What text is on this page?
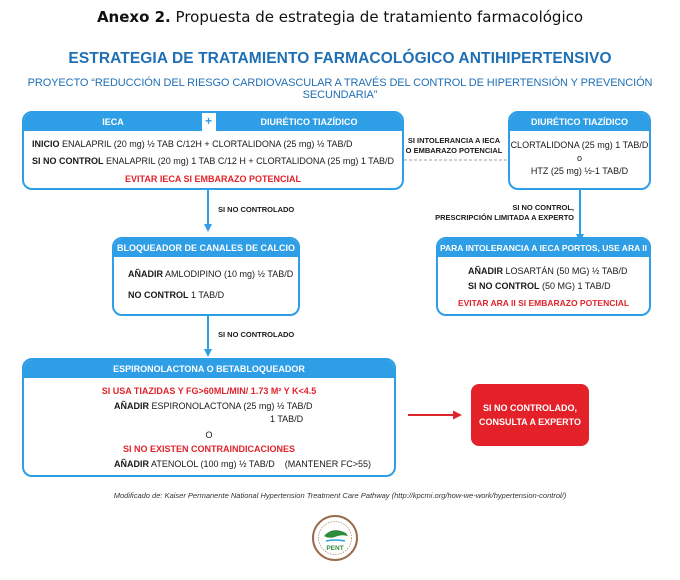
Anexo 2. Propuesta de estrategia de tratamiento farmacológico
ESTRATEGIA DE TRATAMIENTO FARMACOLÓGICO ANTIHIPERTENSIVO
PROYECTO “REDUCCIÓN DEL RIESGO CARDIOVASCULAR A TRAVÉS DEL CONTROL DE HIPERTENSIÓN Y PREVENCIÓN SECUNDARIA”
IECA	+	DIURÉTICO TIAZÍDICO
INICIO ENALAPRIL (20 mg) ½ TAB C/12H + CLORTALIDONA (25 mg) ½ TAB/D
SI NO CONTROL ENALAPRIL (20 mg) 1 TAB C/12 H + CLORTALIDONA (25 mg) 1 TAB/D
EVITAR IECA SI EMBARAZO POTENCIAL
SI INTOLERANCIA A IECA
O EMBARAZO POTENCIAL
DIURÉTICO TIAZÍDICO
CLORTALIDONA (25 mg) 1 TAB/D
o
HTZ (25 mg) ½-1 TAB/D
SI NO CONTROLADO	SI NO CONTROL,
PRESCRIPCIÓN LIMITADA A EXPERTO
BLOQUEADOR DE CANALES DE CALCIO
AÑADIR AMLODIPINO (10 mg) ½ TAB/D
NO CONTROL 1 TAB/D
PARA INTOLERANCIA A IECA PORTOS, USE ARA II
AÑADIR LOSARTÁN (50 MG) ½ TAB/D
SI NO CONTROL (50 MG) 1 TAB/D
EVITAR ARA II SI EMBARAZO POTENCIAL
SI NO CONTROLADO
ESPIRONOLACTONA O BETABLOQUEADOR
SI USA TIAZIDAS Y FG>60ML/MIN/ 1.73 M² Y K<4.5
AÑADIR ESPIRONOLACTONA (25 mg) ½ TAB/D
1 TAB/D
O
SI NO EXISTEN CONTRAINDICACIONES
AÑADIR ATENOLOL (100 mg) ½ TAB/D    (MANTENER FC>55)
SI NO CONTROLADO,
CONSULTA A EXPERTO
Modificado de: Kaiser Permanente National Hypertension Treatment Care Pathway (http://kpcmi.org/how-we-work/hypertension-control/)
PENT
